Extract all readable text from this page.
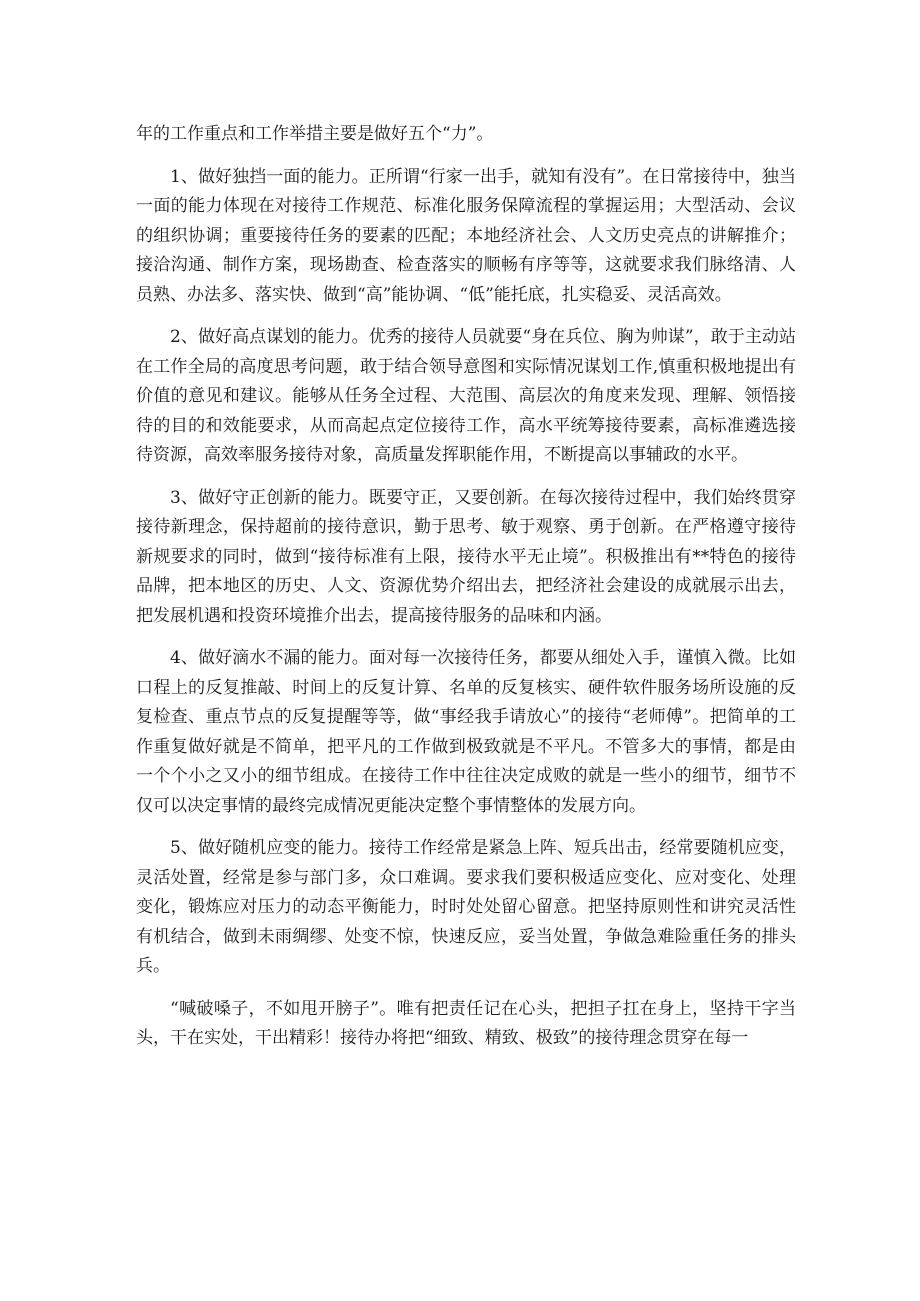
年的工作重点和工作举措主要是做好五个“力”。

1、做好独挡一面的能力。正所谓“行家一出手，就知有没有”。在日常接待中，独当一面的能力体现在对接待工作规范、标准化服务保障流程的掌握运用；大型活动、会议的组织协调；重要接待任务的要素的匹配；本地经济社会、人文历史亮点的讲解推介；接洽沟通、制作方案，现场勘查、检查落实的顺畅有序等等，这就要求我们脉络清、人员熟、办法多、落实快、做到“高”能协调、“低”能托底，扎实稳妥、灵活高效。

2、做好高点谋划的能力。优秀的接待人员就要“身在兵位、胸为帅谋”，敢于主动站在工作全局的高度思考问题，敢于结合领导意图和实际情况谋划工作,慎重积极地提出有价值的意见和建议。能够从任务全过程、大范围、高层次的角度来发现、理解、领悟接待的目的和效能要求，从而高起点定位接待工作，高水平统筹接待要素，高标准遴选接待资源，高效率服务接待对象，高质量发挥职能作用，不断提高以事辅政的水平。

3、做好守正创新的能力。既要守正，又要创新。在每次接待过程中，我们始终贯穿接待新理念，保持超前的接待意识，勤于思考、敏于观察、勇于创新。在严格遵守接待新规要求的同时，做到“接待标准有上限，接待水平无止境”。积极推出有**特色的接待品牌，把本地区的历史、人文、资源优势介绍出去，把经济社会建设的成就展示出去，把发展机遇和投资环境推介出去，提高接待服务的品味和内涵。

4、做好滴水不漏的能力。面对每一次接待任务，都要从细处入手，谨慎入微。比如口程上的反复推敲、时间上的反复计算、名单的反复核实、硬件软件服务场所设施的反复检查、重点节点的反复提醒等等，做“事经我手请放心”的接待“老师傅”。把简单的工作重复做好就是不简单，把平凡的工作做到极致就是不平凡。不管多大的事情，都是由一个个小之又小的细节组成。在接待工作中往往决定成败的就是一些小的细节，细节不仅可以决定事情的最终完成情况更能决定整个事情整体的发展方向。

5、做好随机应变的能力。接待工作经常是紧急上阵、短兵出击，经常要随机应变，灵活处置，经常是参与部门多，众口难调。要求我们要积极适应变化、应对变化、处理变化，锻炼应对压力的动态平衡能力，时时处处留心留意。把坚持原则性和讲究灵活性有机结合，做到未雨绸缪、处变不惊，快速反应，妥当处置，争做急难险重任务的排头兵。

“喊破嗓子，不如甩开膀子”。唯有把责任记在心头，把担子扛在身上，坚持干字当头，干在实处，干出精彩！接待办将把“细致、精致、极致”的接待理念贯穿在每一
